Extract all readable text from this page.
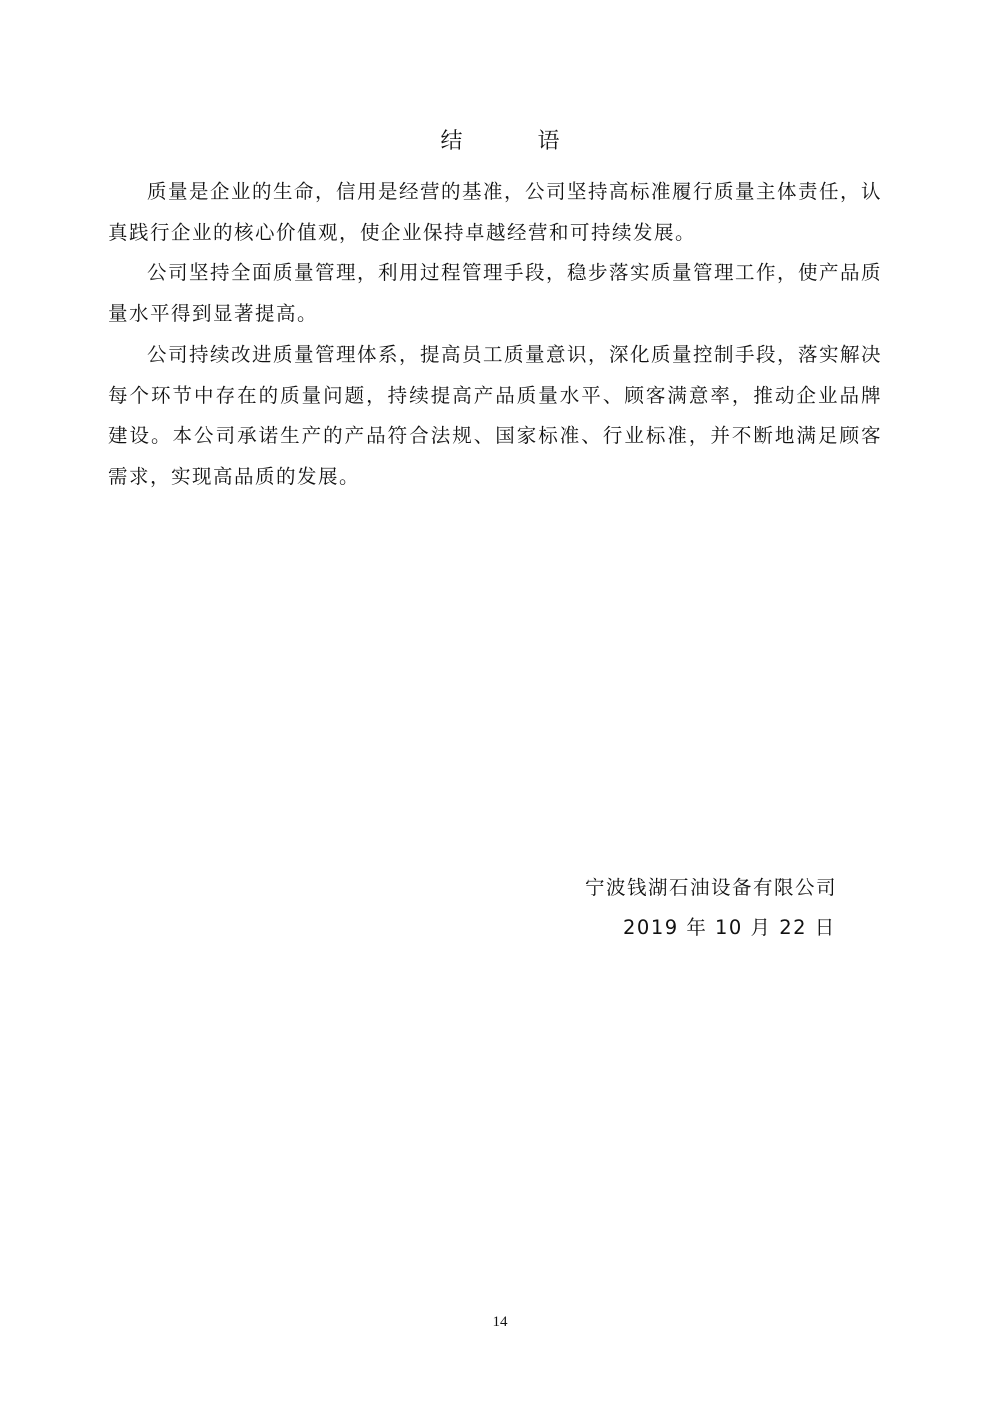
结 语

质量是企业的生命，信用是经营的基准，公司坚持高标准履行质量主体责任，认真践行企业的核心价值观，使企业保持卓越经营和可持续发展。

公司坚持全面质量管理，利用过程管理手段，稳步落实质量管理工作，使产品质量水平得到显著提高。

公司持续改进质量管理体系，提高员工质量意识，深化质量控制手段，落实解决每个环节中存在的质量问题，持续提高产品质量水平、顾客满意率，推动企业品牌建设。本公司承诺生产的产品符合法规、国家标准、行业标准，并不断地满足顾客需求，实现高品质的发展。

宁波钱湖石油设备有限公司
2019 年 10 月 22 日
14
